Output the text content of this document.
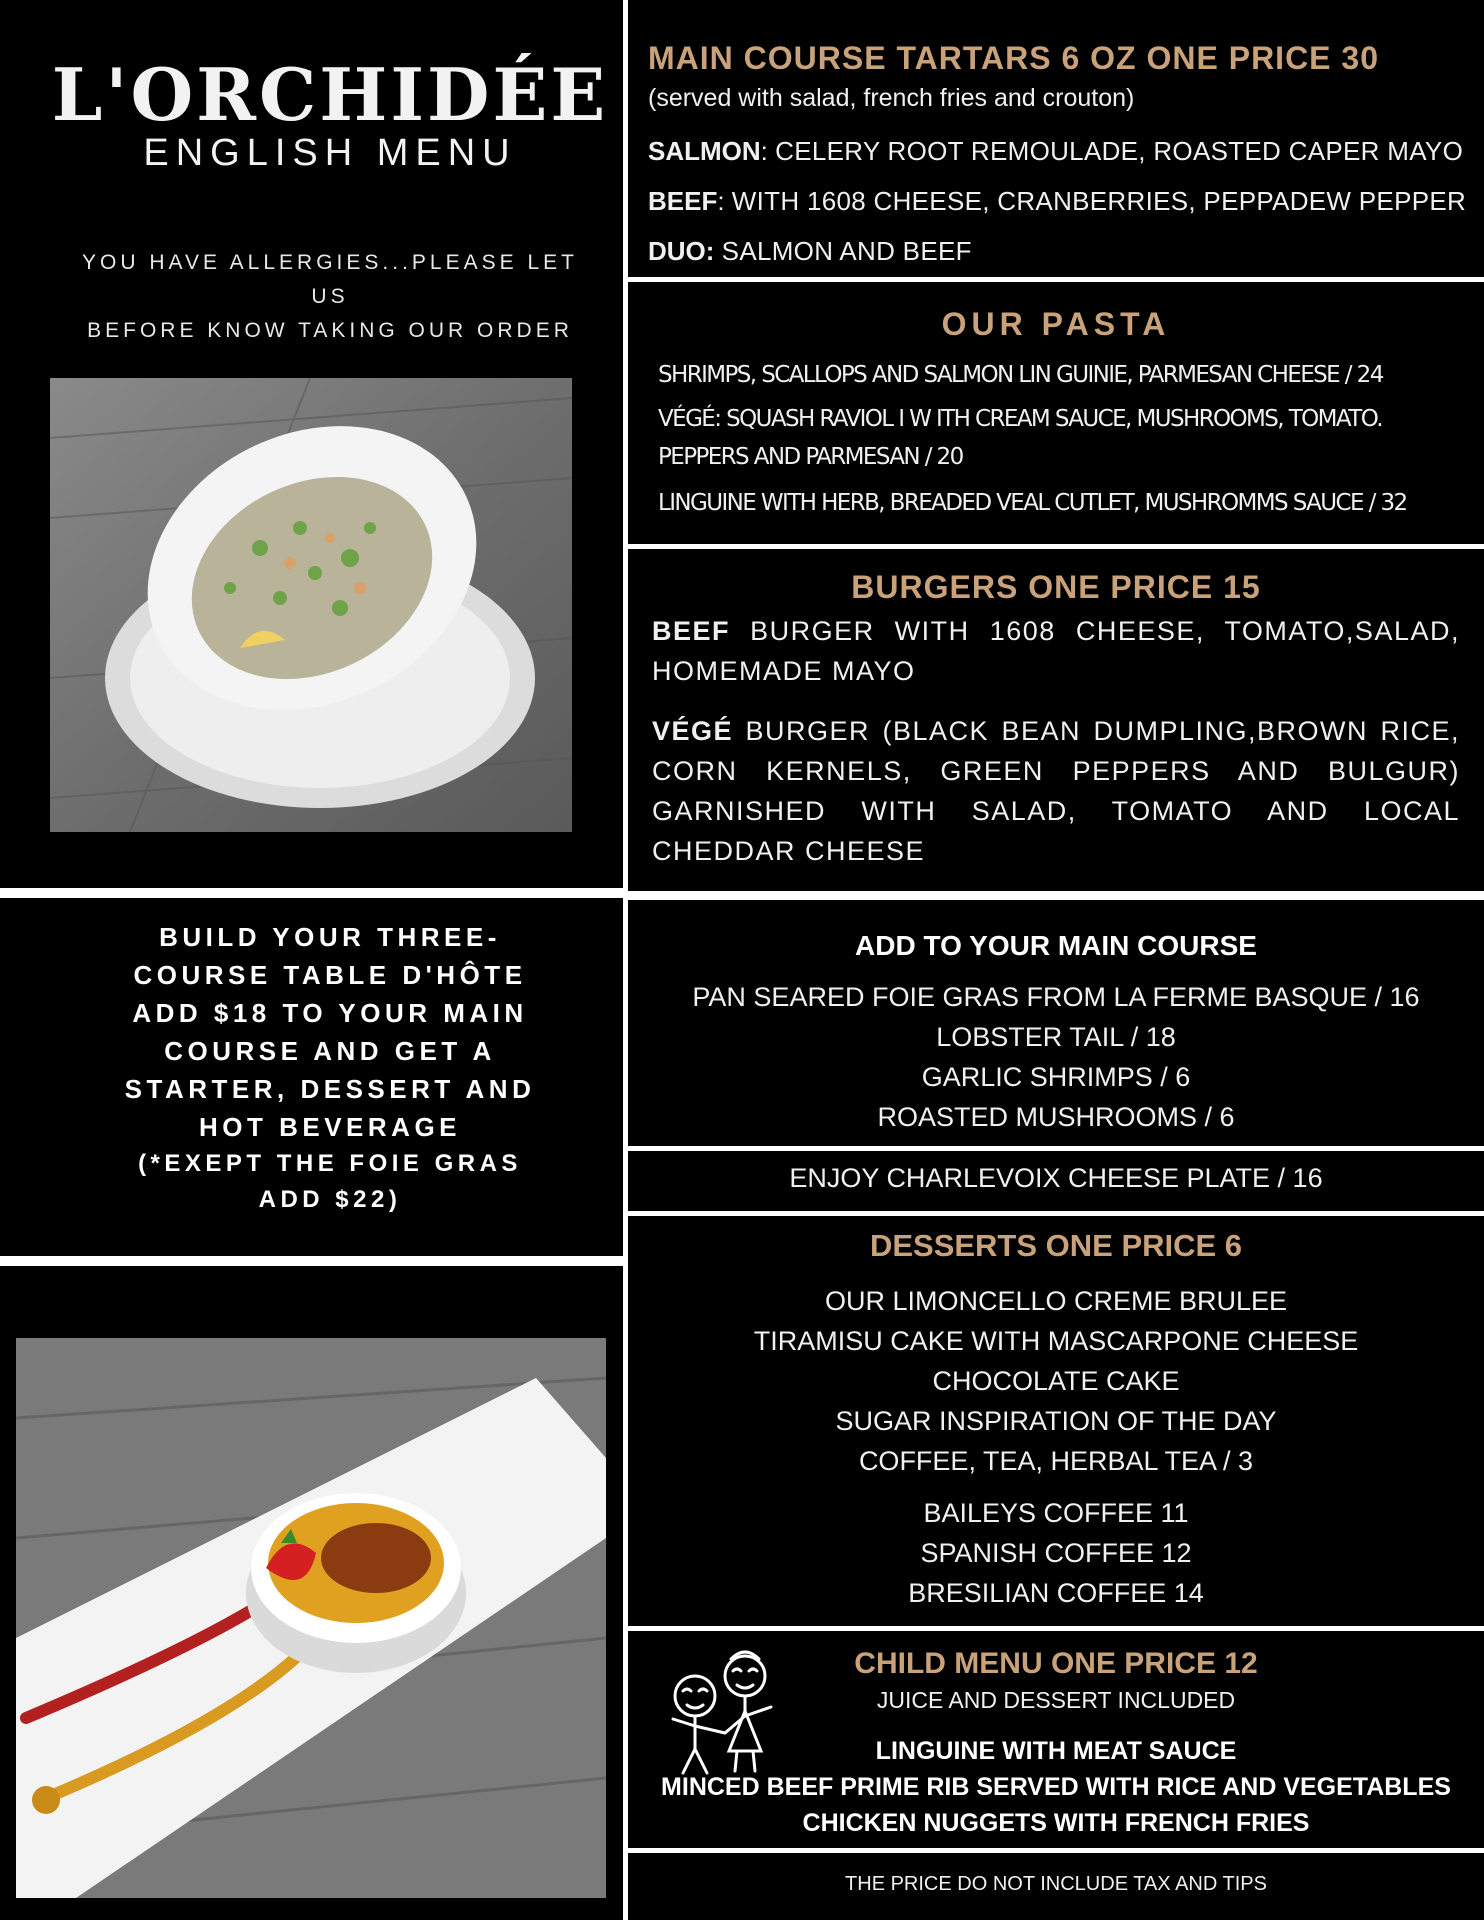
L'ORCHIDÉE
ENGLISH MENU
YOU HAVE ALLERGIES...PLEASE LET US
BEFORE KNOW TAKING OUR ORDER
BUILD YOUR THREE-
COURSE TABLE D'HÔTE
ADD $18 TO YOUR MAIN
COURSE AND GET A
STARTER, DESSERT AND
HOT BEVERAGE
(*EXEPT THE FOIE GRAS
ADD $22)
MAIN COURSE TARTARS 6 OZ ONE PRICE 30
(served with salad, french fries and crouton)
SALMON: CELERY ROOT REMOULADE, ROASTED CAPER MAYO
BEEF: WITH 1608 CHEESE, CRANBERRIES, PEPPADEW PEPPER
DUO: SALMON AND BEEF
OUR PASTA
SHRIMPS, SCALLOPS AND SALMON LIN GUINIE, PARMESAN CHEESE / 24
VÉGÉ: SQUASH RAVIOL I W ITH CREAM SAUCE, MUSHROOMS, TOMATO.
PEPPERS AND PARMESAN / 20
LINGUINE WITH HERB, BREADED VEAL CUTLET, MUSHROMMS SAUCE / 32
BURGERS ONE PRICE 15
BEEF BURGER WITH 1608 CHEESE, TOMATO,SALAD, HOMEMADE MAYO
VÉGÉ BURGER (BLACK BEAN DUMPLING,BROWN RICE, CORN KERNELS, GREEN PEPPERS AND BULGUR) GARNISHED WITH SALAD, TOMATO AND LOCAL CHEDDAR CHEESE
ADD TO YOUR MAIN COURSE
PAN SEARED FOIE GRAS FROM LA FERME BASQUE / 16
LOBSTER TAIL / 18
GARLIC SHRIMPS / 6
ROASTED MUSHROOMS / 6
ENJOY CHARLEVOIX CHEESE PLATE / 16
DESSERTS ONE PRICE 6
OUR LIMONCELLO CREME BRULEE
TIRAMISU CAKE WITH MASCARPONE CHEESE
CHOCOLATE CAKE
SUGAR INSPIRATION OF THE DAY
COFFEE, TEA, HERBAL TEA / 3
BAILEYS COFFEE 11
SPANISH COFFEE 12
BRESILIAN COFFEE 14
CHILD MENU ONE PRICE 12
JUICE AND DESSERT INCLUDED
LINGUINE WITH MEAT SAUCE
MINCED BEEF PRIME RIB SERVED WITH RICE AND VEGETABLES
CHICKEN NUGGETS WITH FRENCH FRIES
THE PRICE DO NOT INCLUDE TAX AND TIPS
